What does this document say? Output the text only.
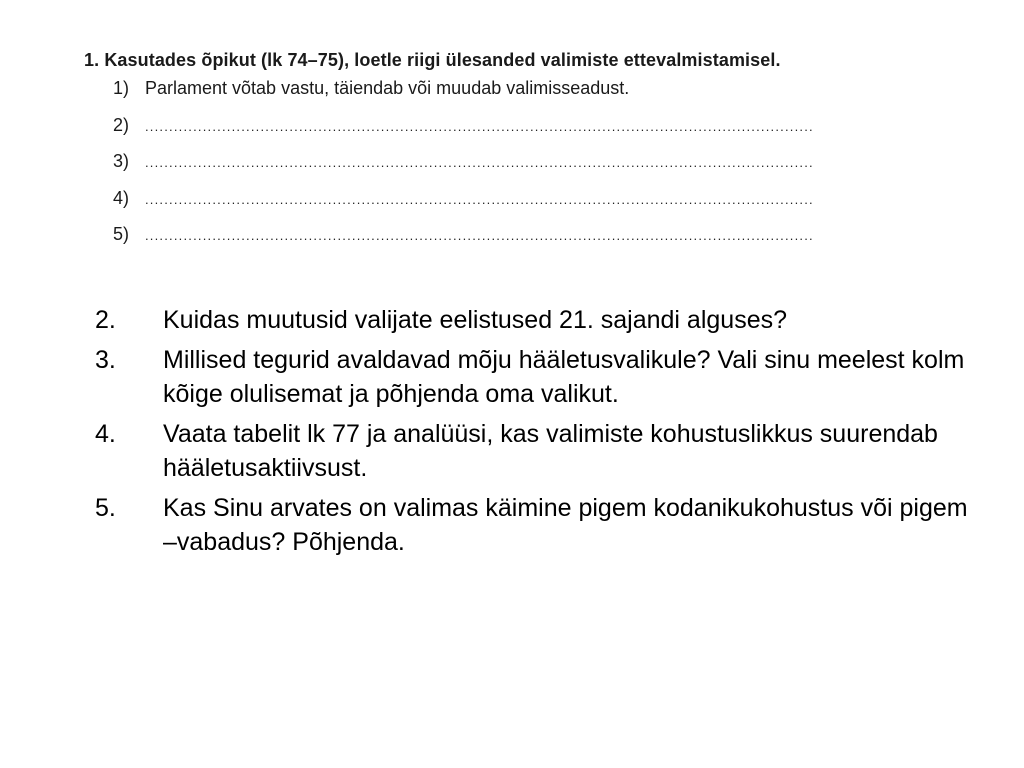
1. Kasutades õpikut (lk 74–75), loetle riigi ülesanded valimiste ettevalmistamisel.

1) Parlament võtab vastu, täiendab või muudab valimisseadust.
2)	...........................................................................................................................................
3)	...........................................................................................................................................
4)	...........................................................................................................................................
5)	...........................................................................................................................................
2.	Kuidas muutusid valijate eelistused 21. sajandi alguses?
3.	Millised tegurid avaldavad mõju hääletusvalikule? Vali sinu meelest kolm kõige olulisemat ja põhjenda oma valikut.
4.	Vaata tabelit lk 77 ja analüüsi, kas valimiste kohustuslikkus suurendab hääletusaktiivsust.
5.	Kas Sinu arvates on valimas käimine pigem kodanikukohustus või pigem –vabadus? Põhjenda.
